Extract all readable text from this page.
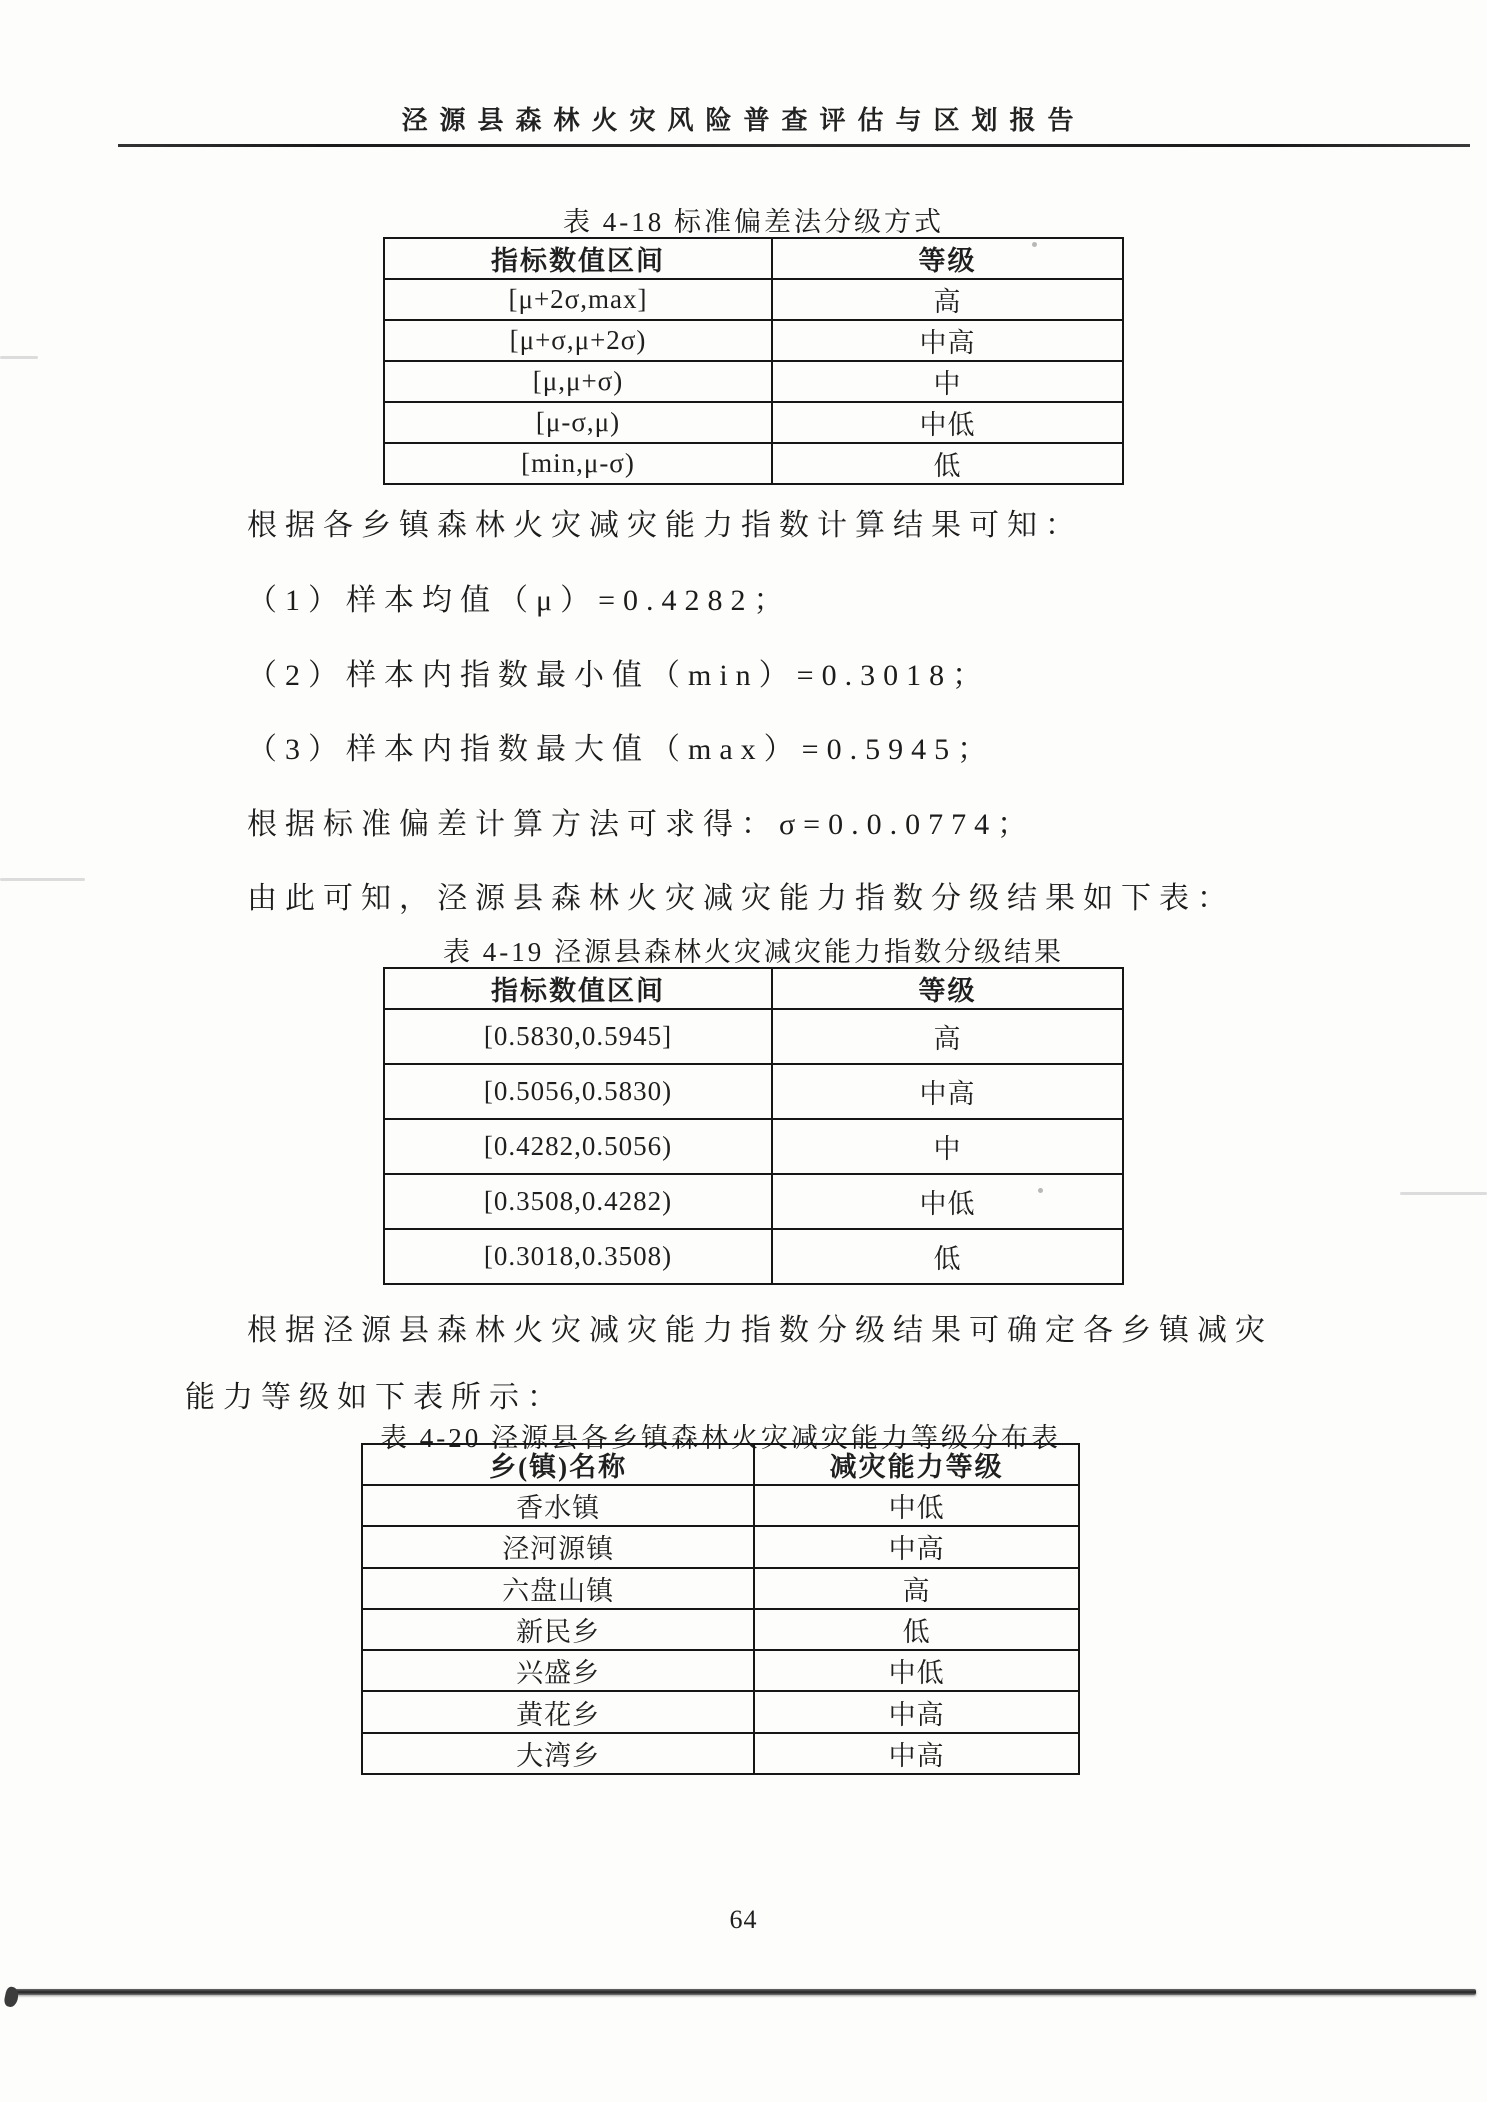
泾源县森林火灾风险普查评估与区划报告
表 4-18 标准偏差法分级方式
指标数值区间	等级
[μ+2σ,max]	高
[μ+σ,μ+2σ)	中高
[μ,μ+σ)	中
[μ-σ,μ)	中低
[min,μ-σ)	低
根据各乡镇森林火灾减灾能力指数计算结果可知：
（1）样本均值（μ）=0.4282；
（2）样本内指数最小值（min）=0.3018；
（3）样本内指数最大值（max）=0.5945；
根据标准偏差计算方法可求得：σ=0.0.0774；
由此可知，泾源县森林火灾减灾能力指数分级结果如下表：
表 4-19 泾源县森林火灾减灾能力指数分级结果
指标数值区间	等级
[0.5830,0.5945]	高
[0.5056,0.5830)	中高
[0.4282,0.5056)	中
[0.3508,0.4282)	中低
[0.3018,0.3508)	低
根据泾源县森林火灾减灾能力指数分级结果可确定各乡镇减灾
能力等级如下表所示：
表 4-20 泾源县各乡镇森林火灾减灾能力等级分布表
乡(镇)名称	减灾能力等级
香水镇	中低
泾河源镇	中高
六盘山镇	高
新民乡	低
兴盛乡	中低
黄花乡	中高
大湾乡	中高
64
